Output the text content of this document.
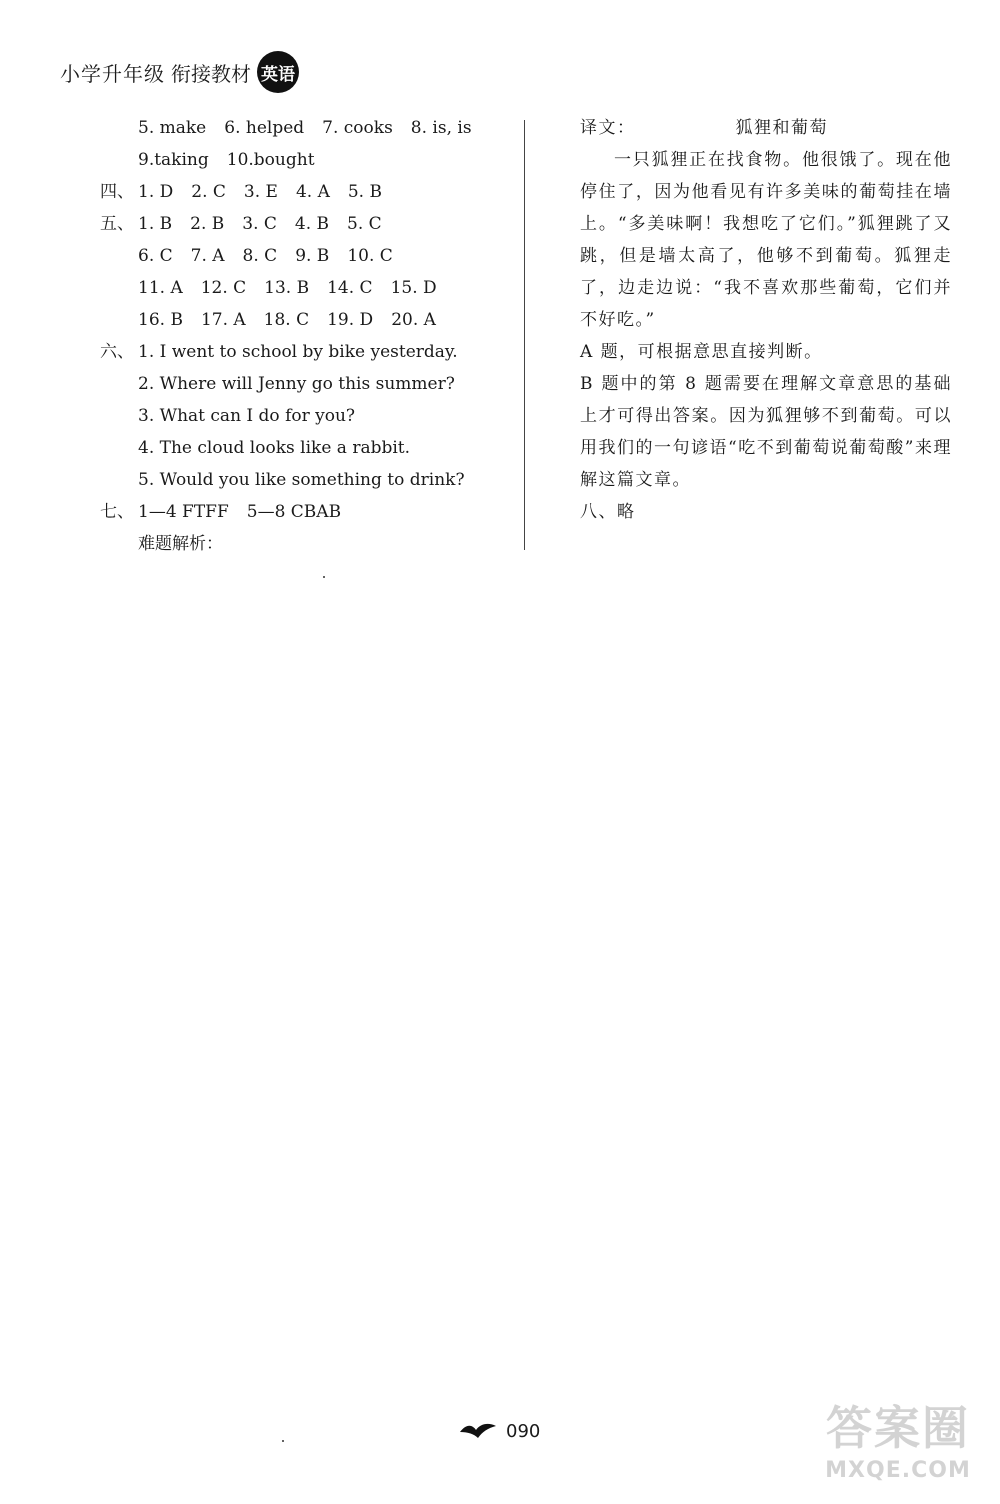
小学升年级 衔接教材 英语
5. make 6. helped 7. cooks 8. is, is
9.taking 10.bought
四、 1. D 2. C 3. E 4. A 5. B
五、 1. B 2. B 3. C 4. B 5. C
6. C 7. A 8. C 9. B 10. C
11. A 12. C 13. B 14. C 15. D
16. B 17. A 18. C 19. D 20. A
六、 1. I went to school by bike yesterday.
2. Where will Jenny go this summer?
3. What can I do for you?
4. The cloud looks like a rabbit.
5. Would you like something to drink?
七、 1—4 FTFF 5—8 CBAB
难题解析：
译文：	狐狸和葡萄
一只狐狸正在找食物。他很饿了。现在他停住了，因为他看见有许多美味的葡萄挂在墙上。“多美味啊！我想吃了它们。”狐狸跳了又跳，但是墙太高了，他够不到葡萄。狐狸走了，边走边说：“我不喜欢那些葡萄，它们并不好吃。”
A 题，可根据意思直接判断。
B 题中的第 8 题需要在理解文章意思的基础上才可得出答案。因为狐狸够不到葡萄。可以用我们的一句谚语“吃不到葡萄说葡萄酸”来理解这篇文章。
八、略
090	答案圈
MXQE.COM
